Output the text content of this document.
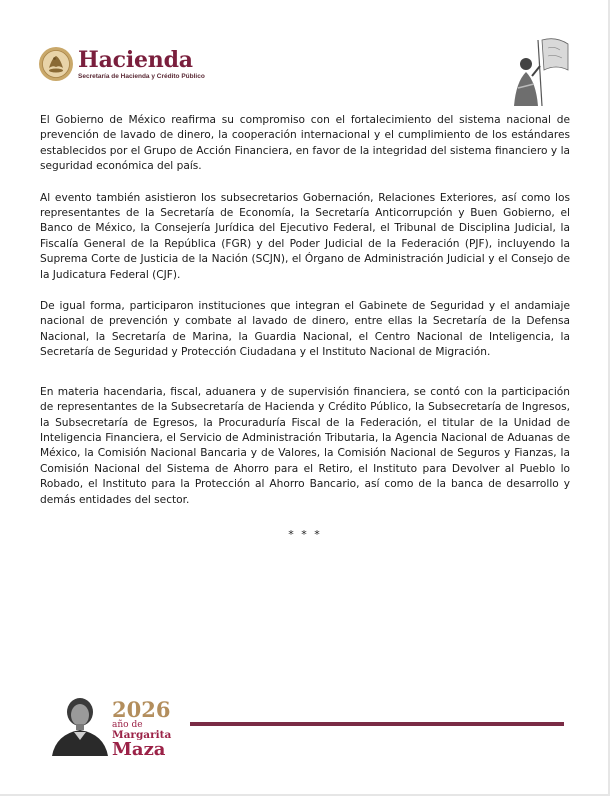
Hacienda
Secretaría de Hacienda y Crédito Público

El Gobierno de México reafirma su compromiso con el fortalecimiento del sistema nacional de prevención de lavado de dinero, la cooperación internacional y el cumplimiento de los estándares establecidos por el Grupo de Acción Financiera, en favor de la integridad del sistema financiero y la seguridad económica del país.

Al evento también asistieron los subsecretarios Gobernación, Relaciones Exteriores, así como los representantes de la Secretaría de Economía, la Secretaría Anticorrupción y Buen Gobierno, el Banco de México, la Consejería Jurídica del Ejecutivo Federal, el Tribunal de Disciplina Judicial, la Fiscalía General de la República (FGR) y del Poder Judicial de la Federación (PJF), incluyendo la Suprema Corte de Justicia de la Nación (SCJN), el Órgano de Administración Judicial y el Consejo de la Judicatura Federal (CJF).

De igual forma, participaron instituciones que integran el Gabinete de Seguridad y el andamiaje nacional de prevención y combate al lavado de dinero, entre ellas la Secretaría de la Defensa Nacional, la Secretaría de Marina, la Guardia Nacional, el Centro Nacional de Inteligencia, la Secretaría de Seguridad y Protección Ciudadana y el Instituto Nacional de Migración.

En materia hacendaria, fiscal, aduanera y de supervisión financiera, se contó con la participación de representantes de la Subsecretaría de Hacienda y Crédito Público, la Subsecretaría de Ingresos, la Subsecretaría de Egresos, la Procuraduría Fiscal de la Federación, el titular de la Unidad de Inteligencia Financiera, el Servicio de Administración Tributaria, la Agencia Nacional de Aduanas de México, la Comisión Nacional Bancaria y de Valores, la Comisión Nacional de Seguros y Fianzas, la Comisión Nacional del Sistema de Ahorro para el Retiro, el Instituto para Devolver al Pueblo lo Robado, el Instituto para la Protección al Ahorro Bancario, así como de la banca de desarrollo y demás entidades del sector.

* * *
2026
año de
Margarita
Maza
